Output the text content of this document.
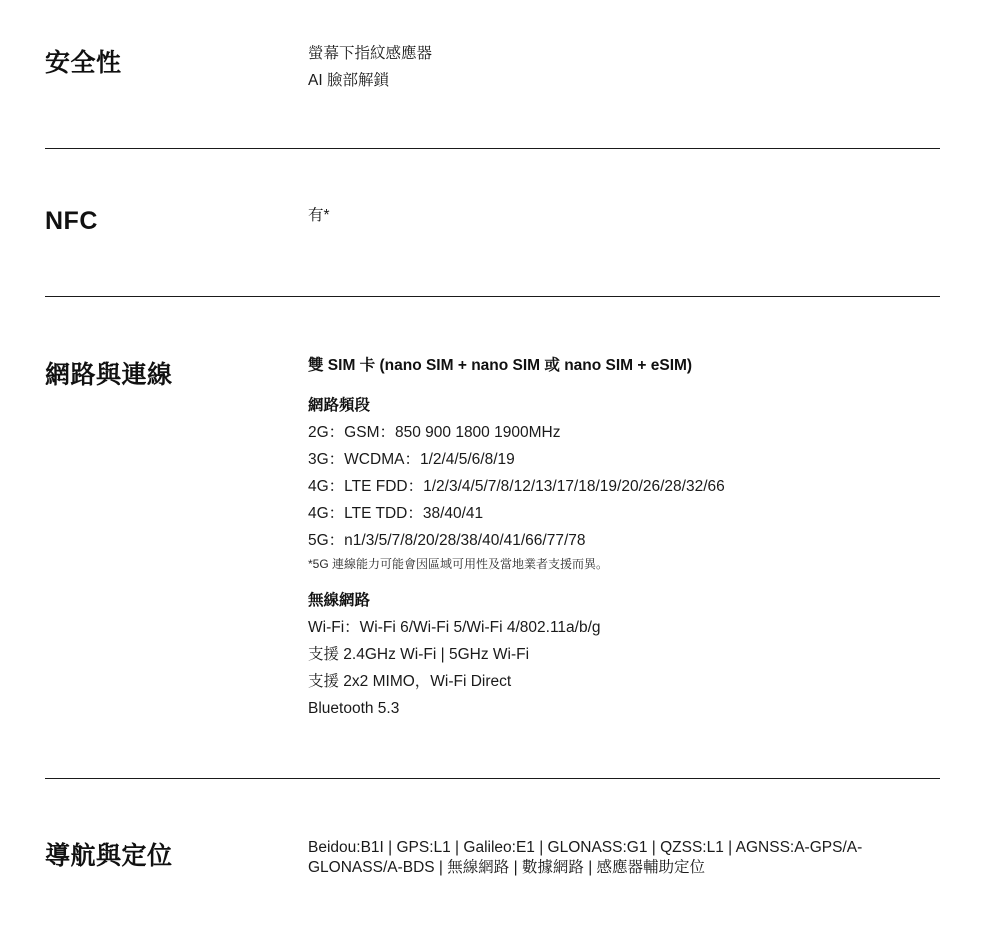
安全性	螢幕下指紋感應器
AI 臉部解鎖
NFC	有*
網路與連線	雙 SIM 卡 (nano SIM + nano SIM 或 nano SIM + eSIM)
網路頻段
2G：GSM：850 900 1800 1900MHz
3G：WCDMA：1/2/4/5/6/8/19
4G：LTE FDD：1/2/3/4/5/7/8/12/13/17/18/19/20/26/28/32/66
4G：LTE TDD：38/40/41
5G：n1/3/5/7/8/20/28/38/40/41/66/77/78
*5G 連線能力可能會因區域可用性及當地業者支援而異。
無線網路
Wi-Fi：Wi-Fi 6/Wi-Fi 5/Wi-Fi 4/802.11a/b/g
支援 2.4GHz Wi-Fi | 5GHz Wi-Fi
支援 2x2 MIMO，Wi-Fi Direct
Bluetooth 5.3
導航與定位	Beidou:B1I | GPS:L1 | Galileo:E1 | GLONASS:G1 | QZSS:L1 | AGNSS:A-GPS/A-GLONASS/A-BDS | 無線網路 | 數據網路 | 感應器輔助定位
